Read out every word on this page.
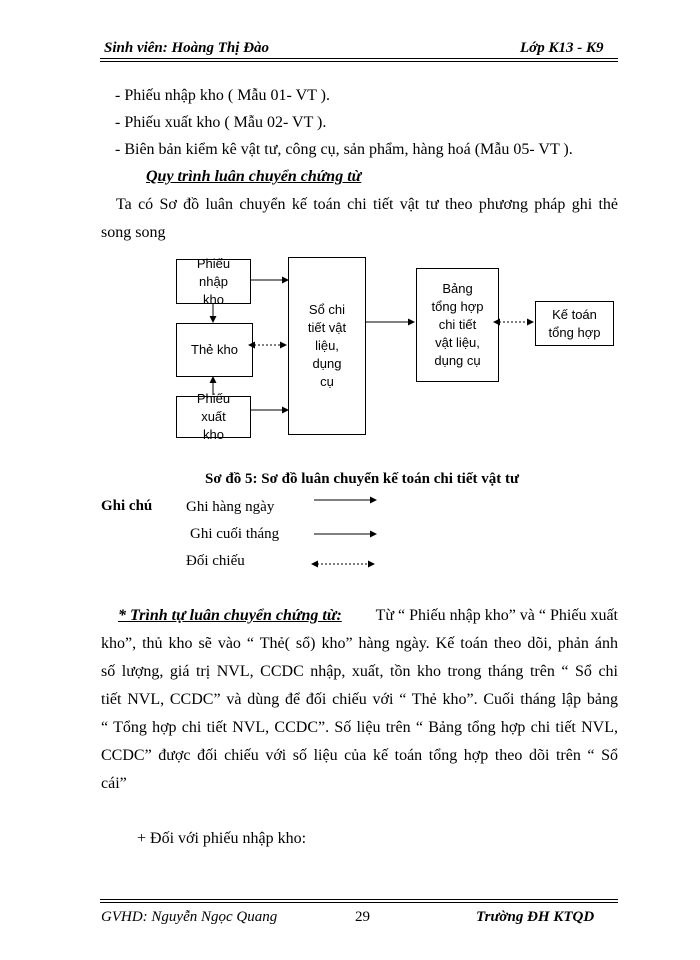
Sinh viên: Hoàng Thị Đào	Lớp K13 - K9
- Phiếu nhập kho ( Mẫu 01- VT ).
- Phiếu xuất kho ( Mẫu 02- VT ).
- Biên bản kiểm kê vật tư, công cụ, sản phẩm, hàng hoá (Mẫu 05- VT ).
Quy trình luân chuyển chứng từ
Ta có Sơ đồ luân chuyển kế toán chi tiết vật tư theo phương pháp ghi thẻ
song song
Phiếu nhập kho
Thẻ kho
Phiếu xuất kho
Sổ chi tiết vật liệu, dụng cụ
Bảng tổng hợp chi tiết vật liệu, dụng cụ
Kế toán tổng hợp
Sơ đồ 5: Sơ đồ luân chuyển kế toán chi tiết vật tư
Ghi chú Ghi hàng ngày
Ghi cuối tháng
Đối chiếu
* Trình tự luân chuyển chứng từ: Từ “ Phiếu nhập kho” và “ Phiếu xuất
kho”, thủ kho sẽ vào “ Thẻ( sổ) kho” hàng ngày. Kế toán theo dõi, phản ánh
số lượng, giá trị NVL, CCDC nhập, xuất, tồn kho trong tháng trên “ Sổ chi
tiết NVL, CCDC” và dùng để đối chiếu với “ Thẻ kho”. Cuối tháng lập bảng
“ Tổng hợp chi tiết NVL, CCDC”. Số liệu trên “ Bảng tổng hợp chi tiết NVL,
CCDC” được đối chiếu với số liệu của kế toán tổng hợp theo dõi trên “ Sổ
cái”
+ Đối với phiếu nhập kho:
GVHD: Nguyễn Ngọc Quang	29	Trường ĐH KTQD
